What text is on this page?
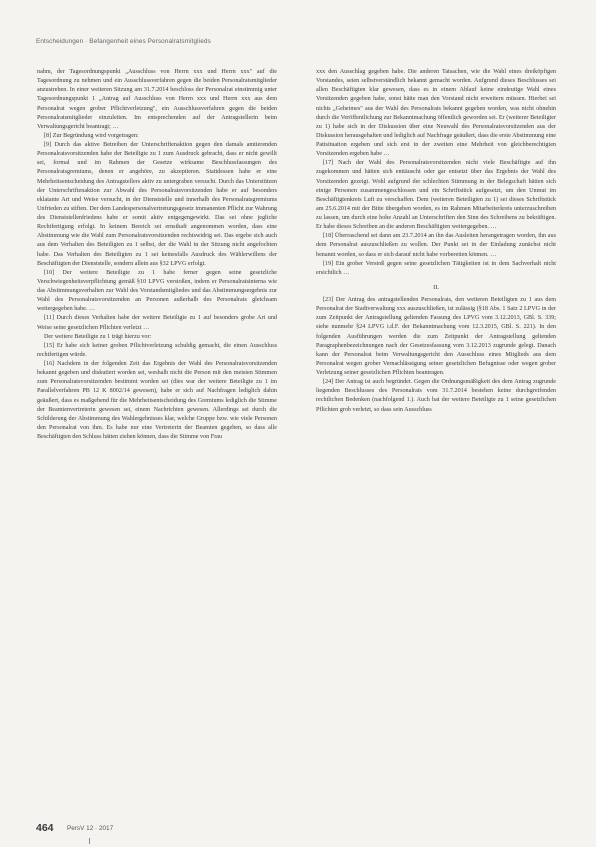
Entscheidungen · Befangenheit eines Personalratsmitglieds

nahm, der Tagesordnungspunkt „Ausschluss von Herrn xxx und Herrn xxx" auf die Tagesordnung zu nehmen und ein Ausschlussverfahren gegen die beiden Personalratsmitglieder anzustreben. In einer weiteren Sitzung am 31.7.2014 beschloss der Personalrat einstimmig unter Tagesordnungspunkt 1 „Antrag auf Ausschluss von Herrn xxx und Herrn xxx aus dem Personalrat wegen grober Pflichtverletzung", ein Ausschlussverfahren gegen die beiden Personalratsmitglieder einzuleiten. Im entsprechenden auf der Antragstellerin beim Verwaltungsgericht beantragt; …

[8] Zur Begründung wird vorgetragen:

[9] Durch das aktive Betreiben der Unterschriftenaktion gegen den damals amtierenden Personalratsvorsitzenden habe der Beteiligte zu 1 zum Ausdruck gebracht, dass er nicht gewillt sei, formal und im Rahmen der Gesetze wirksame Beschlussfassungen des Personalratsgremiums, denen er angehöre, zu akzeptieren. Stattdessen habe er eine Mehrheitsentscheidung des Antragstellers aktiv zu untergraben versucht. Durch das Unterstützen der Unterschriftenaktion zur Abwahl des Personalratsvorsitzenden habe er auf besonders eklatante Art und Weise versucht, in der Dienststelle und innerhalb des Personalratsgremiums Unfrieden zu stiften. Der dem Landespersonalvertretungsgesetz immanenten Pflicht zur Wahrung des Dienststellenfriedens habe er somit aktiv entgegengewirkt. Das sei ohne jegliche Rechtfertigung erfolgt. In keinem Bereich sei ernsthaft angenommen worden, dass eine Abstimmung wie die Wahl zum Personalratsvorsitzenden rechtswidrig sei. Das ergebe sich auch aus dem Verhalten des Beteiligten zu 1 selbst, der die Wahl in der Sitzung nicht angefochten habe. Das Verhalten des Beteiligten zu 1 sei keinesfalls Ausdruck des Wählerwillens der Beschäftigten der Dienststelle, sondern allein aus §32 LPVG erfolgt.

[10] Der weitere Beteiligte zu 1 habe ferner gegen seine gesetzliche Verschwiegenheitsverpflichtung gemäß §10 LPVG verstoßen, indem er Personalratsinterna wie das Abstimmungsverhalten zur Wahl des Vorstandsmitgliedes und das Abstimmungsergebnis zur Wahl des Personalratsvorsitzenden an Personen außerhalb des Personalrats gleichsam weitergegeben habe. …

[11] Durch dieses Verhalten habe der weitere Beteiligte zu 1 auf besonders grobe Art und Weise seine gesetzlichen Pflichten verletzt …

Der weitere Beteiligte zu 1 trägt hierzu vor:

[15] Er habe sich keiner groben Pflichtverletzung schuldig gemacht, die einen Ausschluss rechtfertigen würde.

[16] Nachdem in der folgenden Zeit das Ergebnis der Wahl des Personalratsvorsitzenden bekannt gegeben und diskutiert worden sei, weshalb nicht die Person mit den meisten Stimmen zum Personalratsvorsitzenden bestimmt worden sei (dies war der weitere Beteiligte zu 1 im Parallelverfahren PB 12 K 8002/14 gewesen), habe er sich auf Nachfragen lediglich dahin geäußert, dass es maßgebend für die Mehrheitsentscheidung des Gremiums lediglich die Stimme der Beamtenvertreterin gewesen sei, einem Nachrichten gewesen. Allerdings sei durch die Schilderung der Abstimmung des Wahlergebnisses klar, welche Gruppe bzw. wie viele Personen den Personalrat von ihm. Es habe nur eine Vertreterin der Beamten gegeben, so dass alle Beschäftigten den Schluss hätten ziehen können, dass die Stimme von Frau

xxx den Ausschlag gegeben habe. Die anderen Tatsachen, wie die Wahl eines dreiköpfigen Vorstandes, seien selbstverständlich bekannt gemacht worden. Aufgrund dieses Beschlusses sei allen Beschäftigten klar gewesen, dass es in einem Ablauf keine eindeutige Wahl eines Vorsitzenden gegeben habe, sonst hätte man den Vorstand nicht erweitern müssen. Hierbei sei nichts „Geheimes" aus der Wahl des Personalrats bekannt gegeben worden, was nicht ohnehin durch die Veröffentlichung zur Bekanntmachung öffentlich geworden sei. Er (weiterer Beteiligter zu 1) habe sich in der Diskussion über eine Neuwahl des Personalratsvorsitzenden aus der Diskussion herausgehalten und lediglich auf Nachfrage geäußert, dass die erste Abstimmung eine Pattsituation ergeben und sich erst in der zweiten eine Mehrheit von gleichberechtigten Vorsitzenden ergeben habe …

[17] Nach der Wahl des Personalratsvorsitzenden nicht viele Beschäftigte auf ihn zugekommen und hätten sich enttäuscht oder gar entsetzt über das Ergebnis der Wahl des Vorsitzenden gezeigt. Wohl aufgrund der schlechten Stimmung in der Belegschaft hätten sich einige Personen zusammengeschlossen und ein Schriftstück aufgesetzt, um den Unmut im Beschäftigtenkreis Luft zu verschaffen. Dem (weiteren Beteiligten zu 1) sei dieses Schriftstück am 25.6.2014 mit der Bitte übergeben worden, es im Rahmen Mitarbeiterkreis unterzuschreiben zu lassen, um durch eine hohe Anzahl an Unterschriften den Sinn des Schreibens zu bekräftigen. Er habe dieses Schreiben an die anderen Beschäftigten weitergegeben. …

[18] Überraschend sei dann am 23.7.2014 an ihn das Ausleiten herangetragen worden, ihn aus dem Personalrat auszuschließen zu wollen. Der Punkt sei in der Einladung zunächst nicht benannt worden, so dass er sich darauf nicht habe vorbereiten können. …

[19] Ein grober Verstoß gegen seine gesetzlichen Tätigkeiten ist in dem Sachverhalt nicht ersichtlich …

II.

[23] Der Antrag des antragstellenden Personalrats, den weiteren Beteiligten zu 1 aus dem Personalrat der Stadtverwaltung xxx auszuschließen, ist zulässig (§18 Abs. 1 Satz 2 LPVG in der zum Zeitpunkt der Antragstellung geltenden Fassung des LPVG vom 3.12.2013, GBl. S. 339; siehe nunmehr §24 LPVG i.d.F. der Bekanntmachung vom 12.3.2015, GBl. S. 221). In den folgenden Ausführungen werden die zum Zeitpunkt der Antragstellung geltenden Paragraphenbezeichnungen nach der Gesetzesfassung vom 3.12.2013 zugrunde gelegt. Danach kann der Personalrat beim Verwaltungsgericht den Ausschluss eines Mitglieds aus dem Personalrat wegen grober Vernachlässigung seiner gesetzlichen Befugnisse oder wegen grober Verletzung seiner gesetzlichen Pflichten beantragen.

[24] Der Antrag ist auch begründet. Gegen die Ordnungsmäßigkeit des dem Antrag zugrunde liegenden Beschlusses des Personalrats vom 31.7.2014 bestehen keine durchgreifenden rechtlichen Bedenken (nachfolgend 1.). Auch hat der weitere Beteiligte zu 1 seine gesetzlichen Pflichten grob verletzt, so dass sein Ausschluss

464 PersV 12 · 2017
